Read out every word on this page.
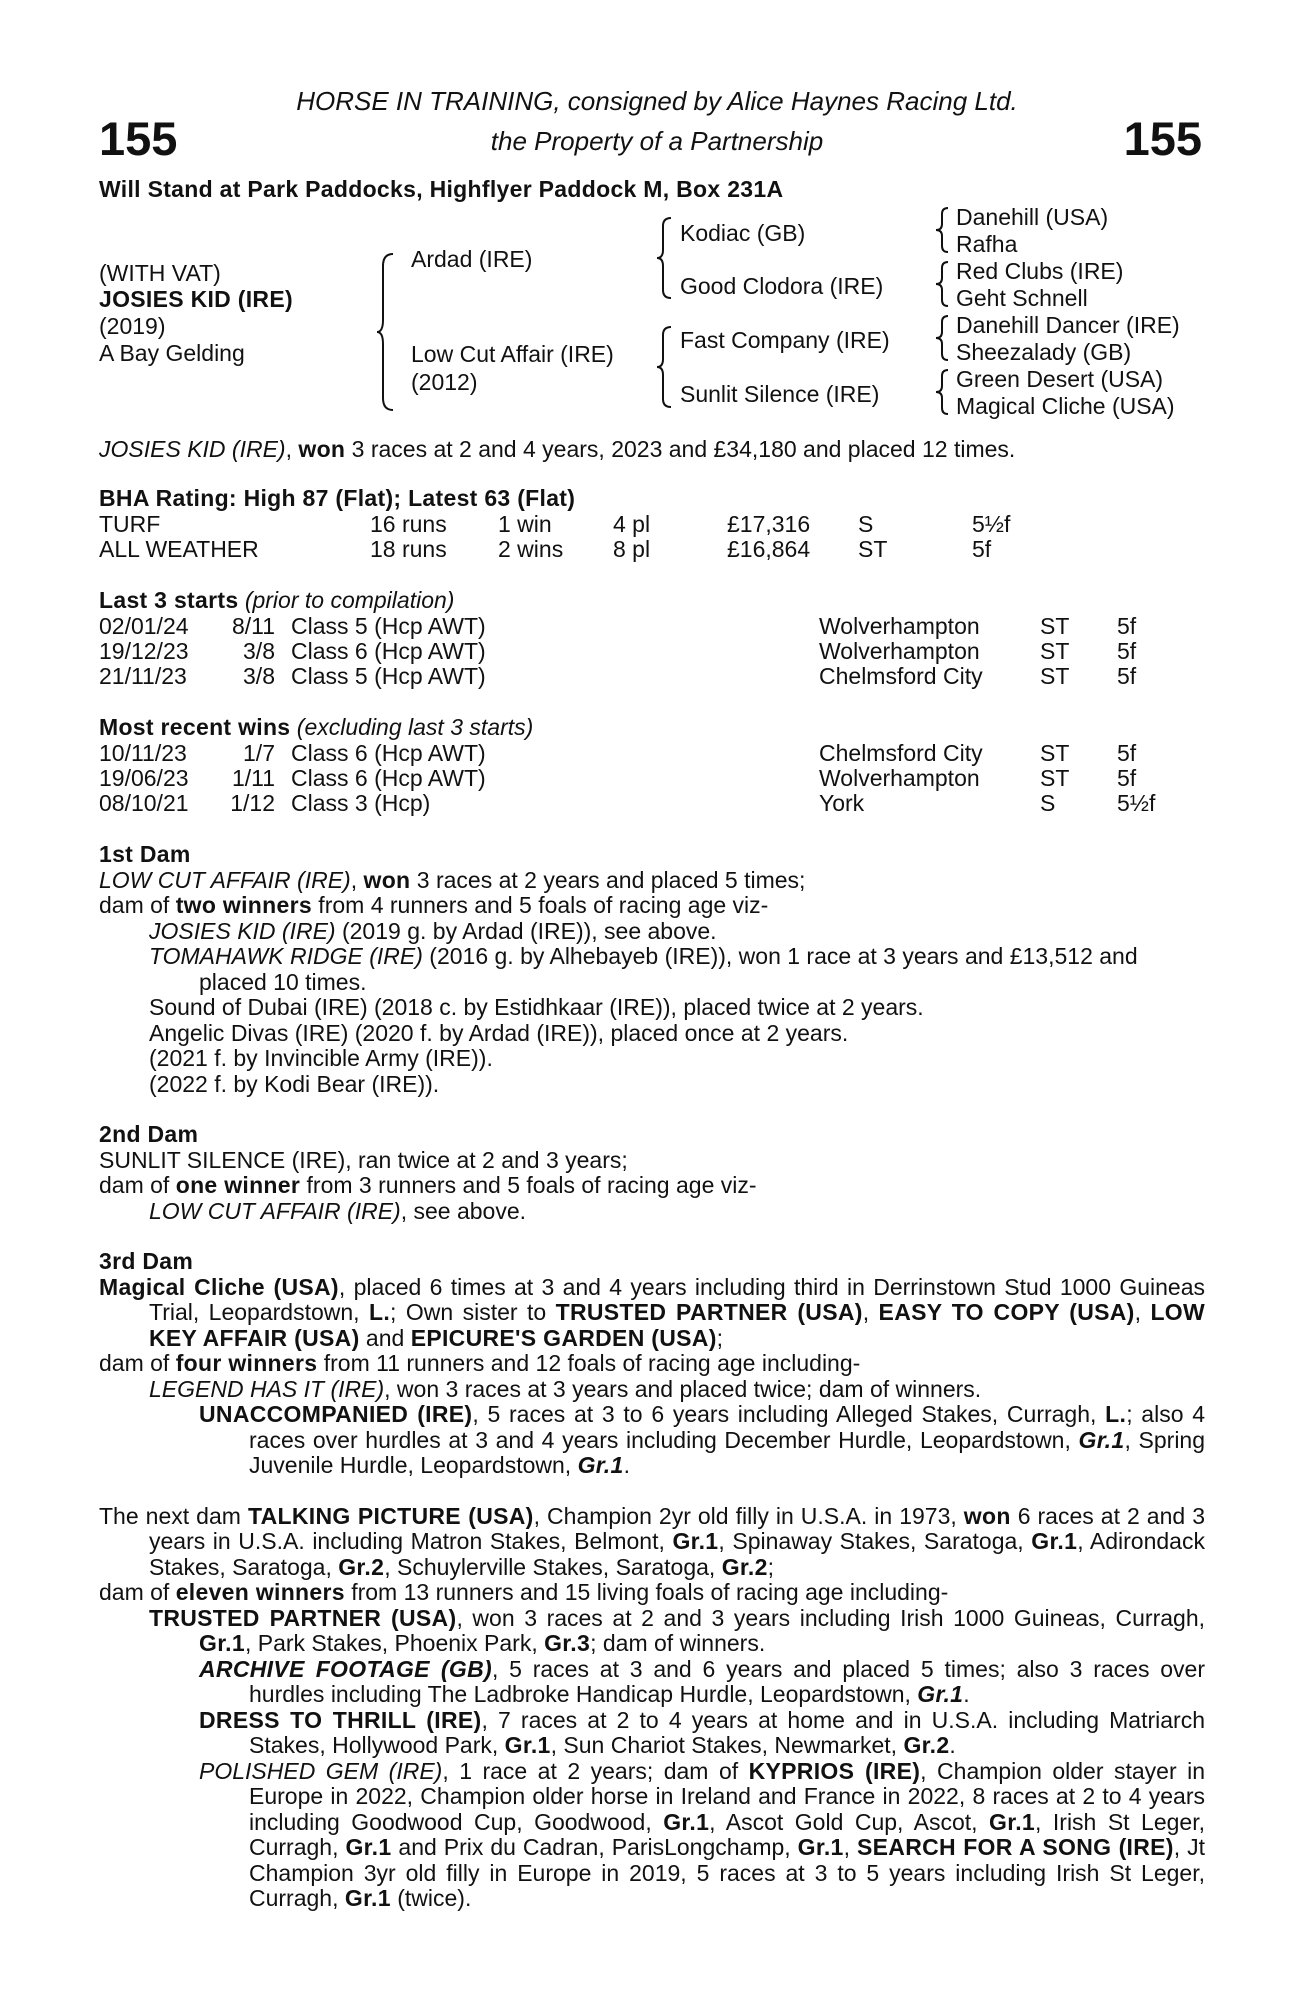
155	155
HORSE IN TRAINING, consigned by Alice Haynes Racing Ltd.
the Property of a Partnership
Will Stand at Park Paddocks, Highflyer Paddock M, Box 231A
(WITH VAT)
JOSIES KID (IRE)
(2019)
A Bay Gelding
Ardad (IRE)
Low Cut Affair (IRE)
(2012)
Kodiac (GB)
Good Clodora (IRE)
Fast Company (IRE)
Sunlit Silence (IRE)
Danehill (USA)
Rafha
Red Clubs (IRE)
Geht Schnell
Danehill Dancer (IRE)
Sheezalady (GB)
Green Desert (USA)
Magical Cliche (USA)
JOSIES KID (IRE), won 3 races at 2 and 4 years, 2023 and £34,180 and placed 12 times.
BHA Rating: High 87 (Flat); Latest 63 (Flat)
TURF	16 runs 1 win	4 pl	£17,316 S	5½f
ALL WEATHER	18 runs 2 wins 8 pl	£16,864 ST	5f
Last 3 starts (prior to compilation)
02/01/24	8/11 Class 5 (Hcp AWT)	Wolverhampton	ST 5f
19/12/23	3/8 Class 6 (Hcp AWT)	Wolverhampton	ST 5f
21/11/23	3/8 Class 5 (Hcp AWT)	Chelmsford City ST 5f
Most recent wins (excluding last 3 starts)
10/11/23	1/7 Class 6 (Hcp AWT)	Chelmsford City ST 5f
19/06/23	1/11 Class 6 (Hcp AWT)	Wolverhampton	ST 5f
08/10/21	1/12 Class 3 (Hcp)	York	S	5½f
1st Dam
LOW CUT AFFAIR (IRE), won 3 races at 2 years and placed 5 times;
dam of two winners from 4 runners and 5 foals of racing age viz-
JOSIES KID (IRE) (2019 g. by Ardad (IRE)), see above.
TOMAHAWK RIDGE (IRE) (2016 g. by Alhebayeb (IRE)), won 1 race at 3 years and £13,512 and placed 10 times.
Sound of Dubai (IRE) (2018 c. by Estidhkaar (IRE)), placed twice at 2 years.
Angelic Divas (IRE) (2020 f. by Ardad (IRE)), placed once at 2 years.
(2021 f. by Invincible Army (IRE)).
(2022 f. by Kodi Bear (IRE)).
2nd Dam
SUNLIT SILENCE (IRE), ran twice at 2 and 3 years;
dam of one winner from 3 runners and 5 foals of racing age viz-
LOW CUT AFFAIR (IRE), see above.
3rd Dam
Magical Cliche (USA), placed 6 times at 3 and 4 years including third in Derrinstown Stud 1000 Guineas Trial, Leopardstown, L.; Own sister to TRUSTED PARTNER (USA), EASY TO COPY (USA), LOW KEY AFFAIR (USA) and EPICURE'S GARDEN (USA);
dam of four winners from 11 runners and 12 foals of racing age including-
LEGEND HAS IT (IRE), won 3 races at 3 years and placed twice; dam of winners.
UNACCOMPANIED (IRE), 5 races at 3 to 6 years including Alleged Stakes, Curragh, L.; also 4 races over hurdles at 3 and 4 years including December Hurdle, Leopardstown, Gr.1, Spring Juvenile Hurdle, Leopardstown, Gr.1.
The next dam TALKING PICTURE (USA), Champion 2yr old filly in U.S.A. in 1973, won 6 races at 2 and 3 years in U.S.A. including Matron Stakes, Belmont, Gr.1, Spinaway Stakes, Saratoga, Gr.1, Adirondack Stakes, Saratoga, Gr.2, Schuylerville Stakes, Saratoga, Gr.2;
dam of eleven winners from 13 runners and 15 living foals of racing age including-
TRUSTED PARTNER (USA), won 3 races at 2 and 3 years including Irish 1000 Guineas, Curragh, Gr.1, Park Stakes, Phoenix Park, Gr.3; dam of winners.
ARCHIVE FOOTAGE (GB), 5 races at 3 and 6 years and placed 5 times; also 3 races over hurdles including The Ladbroke Handicap Hurdle, Leopardstown, Gr.1.
DRESS TO THRILL (IRE), 7 races at 2 to 4 years at home and in U.S.A. including Matriarch Stakes, Hollywood Park, Gr.1, Sun Chariot Stakes, Newmarket, Gr.2.
POLISHED GEM (IRE), 1 race at 2 years; dam of KYPRIOS (IRE), Champion older stayer in Europe in 2022, Champion older horse in Ireland and France in 2022, 8 races at 2 to 4 years including Goodwood Cup, Goodwood, Gr.1, Ascot Gold Cup, Ascot, Gr.1, Irish St Leger, Curragh, Gr.1 and Prix du Cadran, ParisLongchamp, Gr.1, SEARCH FOR A SONG (IRE), Jt Champion 3yr old filly in Europe in 2019, 5 races at 3 to 5 years including Irish St Leger, Curragh, Gr.1 (twice).
